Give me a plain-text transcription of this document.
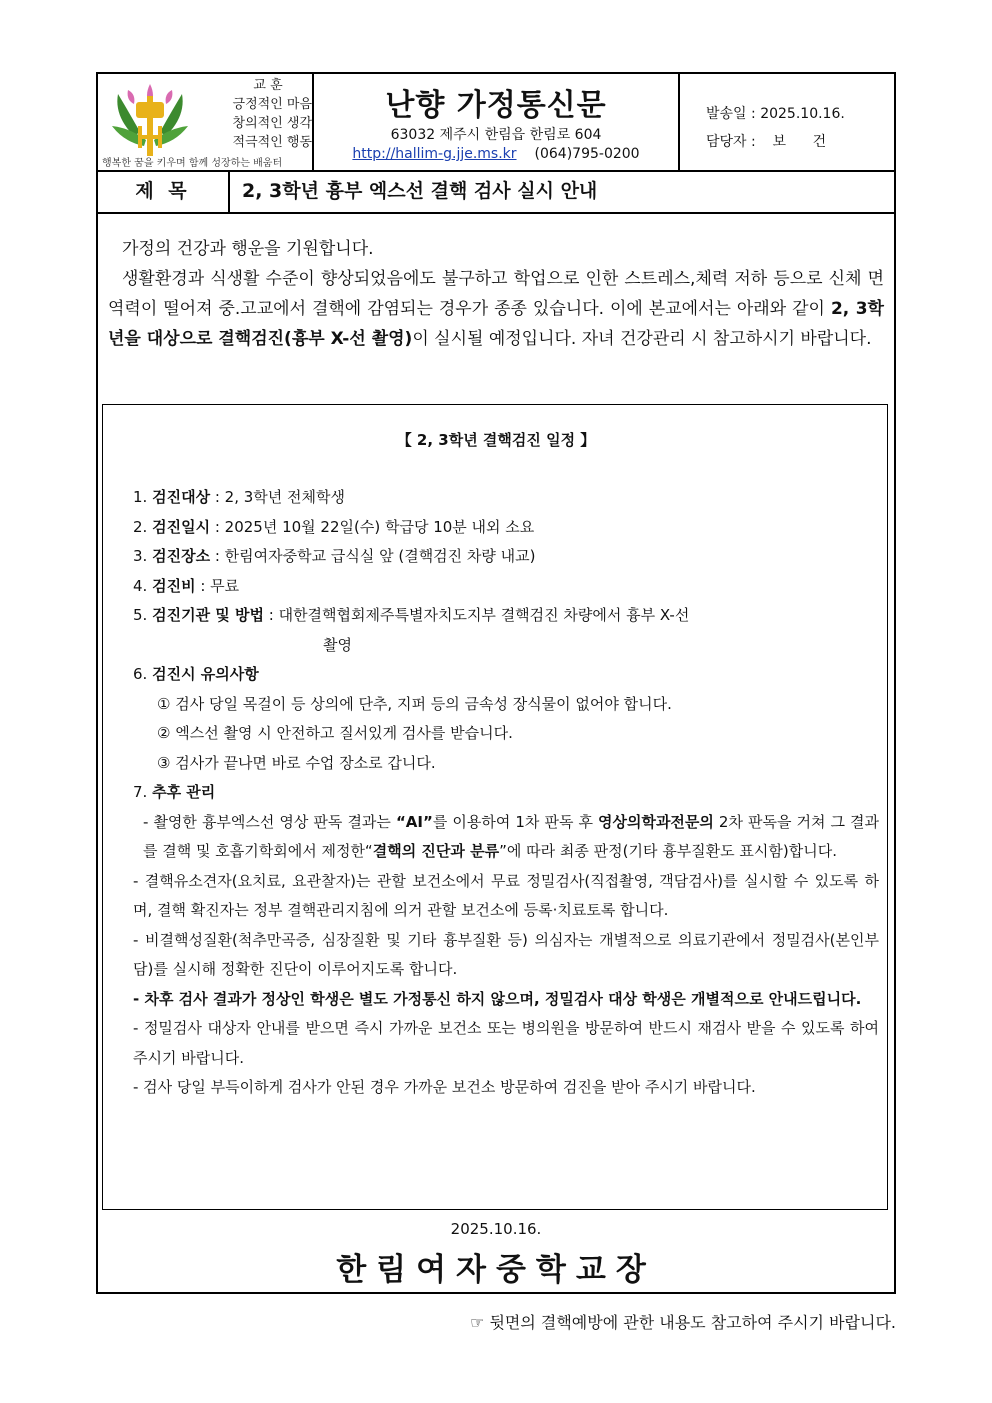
교 훈
긍정적인 마음
창의적인 생각
적극적인 행동
행복한 꿈을 키우며 함께 성장하는 배움터
난향 가정통신문
63032 제주시 한림읍 한림로 604
http://hallim-g.jje.ms.kr (064)795-0200
발송일 : 2025.10.16.
담당자 : 보      건
제 목	2, 3학년 흉부 엑스선 결핵 검사 실시 안내

가정의 건강과 행운을 기원합니다.

생활환경과 식생활 수준이 향상되었음에도 불구하고 학업으로 인한 스트레스,체력 저하 등으로 신체 면역력이 떨어져 중.고교에서 결핵에 감염되는 경우가 종종 있습니다. 이에 본교에서는 아래와 같이 2, 3학년을 대상으로 결핵검진(흉부 X-선 촬영)이 실시될 예정입니다. 자녀 건강관리 시 참고하시기 바랍니다.

【 2, 3학년 결핵검진 일정 】
1. 검진대상 : 2, 3학년 전체학생
2. 검진일시 : 2025년 10월 22일(수) 학급당 10분 내외 소요
3. 검진장소 : 한림여자중학교 급식실 앞 (결핵검진 차량 내교)
4. 검진비 : 무료
5. 검진기관 및 방법 : 대한결핵협회제주특별자치도지부 결핵검진 차량에서 흉부 X-선
촬영
6. 검진시 유의사항
① 검사 당일 목걸이 등 상의에 단추, 지퍼 등의 금속성 장식물이 없어야 합니다.
② 엑스선 촬영 시 안전하고 질서있게 검사를 받습니다.
③ 검사가 끝나면 바로 수업 장소로 갑니다.
7. 추후 관리

- 촬영한 흉부엑스선 영상 판독 결과는 “AI”를 이용하여 1차 판독 후 영상의학과전문의 2차 판독을 거쳐 그 결과를 결핵 및 호흡기학회에서 제정한“결핵의 진단과 분류”에 따라 최종 판정(기타 흉부질환도 표시함)합니다.

- 결핵유소견자(요치료, 요관찰자)는 관할 보건소에서 무료 정밀검사(직접촬영, 객담검사)를 실시할 수 있도록 하며, 결핵 확진자는 정부 결핵관리지침에 의거 관할 보건소에 등록·치료토록 합니다.

- 비결핵성질환(척추만곡증, 심장질환 및 기타 흉부질환 등) 의심자는 개별적으로 의료기관에서 정밀검사(본인부담)를 실시해 정확한 진단이 이루어지도록 합니다.

- 차후 검사 결과가 정상인 학생은 별도 가정통신 하지 않으며, 정밀검사 대상 학생은 개별적으로 안내드립니다.

- 정밀검사 대상자 안내를 받으면 즉시 가까운 보건소 또는 병의원을 방문하여 반드시 재검사 받을 수 있도록 하여 주시기 바랍니다.

- 검사 당일 부득이하게 검사가 안된 경우 가까운 보건소 방문하여 검진을 받아 주시기 바랍니다.

2025.10.16.
한림여자중학교장
☞ 뒷면의 결핵예방에 관한 내용도 참고하여 주시기 바랍니다.
